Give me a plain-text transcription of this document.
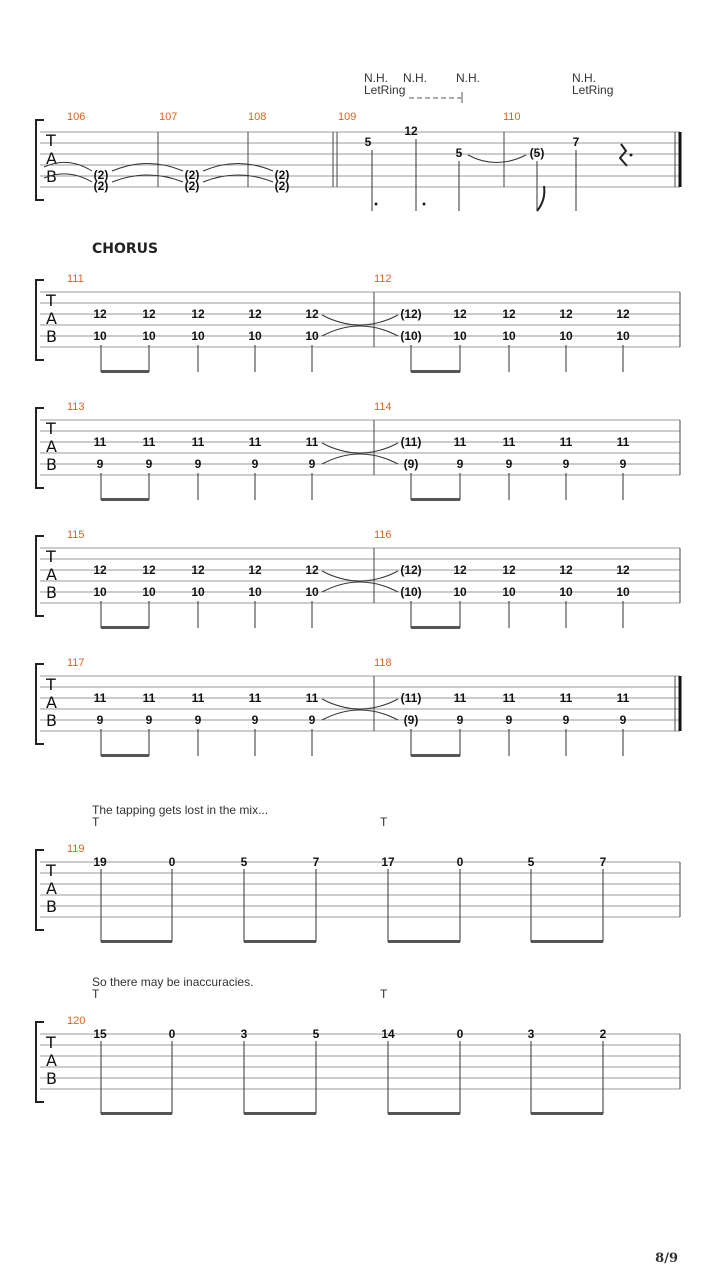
T
A
B
106	107	108	109	110
N.H. N.H. N.H.	N.H.
LetRing	LetRing
(2)
(2)
(2)
(2)
(2)
(2)
5
12
5	(5)
7
CHORUS
T
A
B
111	112
12
10
12
10
12
10
12
10
12
10
(12)
(10)
12
10
12
10
12
10
12
10
T
A
B
113	114
11
9
11
9
11
9
11
9
11
9
(11)
(9)
11
9
11
9
11
9
11
9
T
A
B
115	116
12
10
12
10
12
10
12
10
12
10
(12)
(10)
12
10
12
10
12
10
12
10
T
A
B
117	118
11
9
11
9
11
9
11
9
11
9
(11)
(9)
11
9
11
9
11
9
11
9
The tapping gets lost in the mix...
T	T
T
A
B
119
19	0	5	7	17	0	5	7
So there may be inaccuracies.
T	T
T
A
B
120
15	0	3	5	14	0	3	2
8/9
